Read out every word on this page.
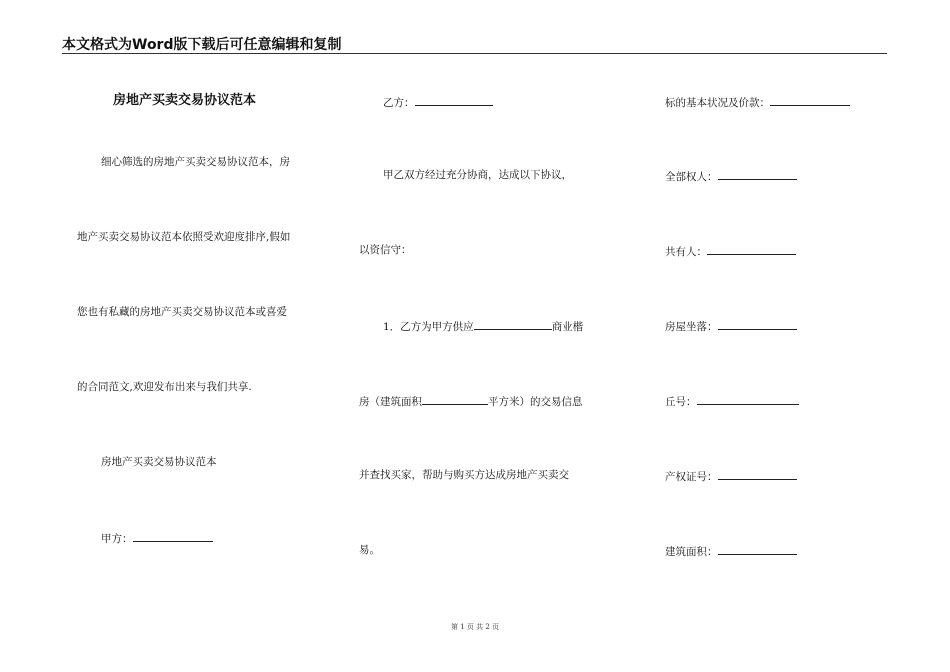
本文格式为Word版下载后可任意编辑和复制
房地产买卖交易协议范本
细心筛选的房地产买卖交易协议范本，房
地产买卖交易协议范本依照受欢迎度排序,假如
您也有私藏的房地产买卖交易协议范本或喜爱
的合同范文,欢迎发布出来与我们共享.
房地产买卖交易协议范本
甲方：
乙方：
甲乙双方经过充分协商，达成以下协议，
以资信守：
1．乙方为甲方供应	商业楷
房（建筑面积	平方米）的交易信息
并查找买家，帮助与购买方达成房地产买卖交
易。
标的基本状况及价款：
全部权人：
共有人：
房屋坐落：
丘号：
产权证号：
建筑面积：
第 1 页 共 2 页
